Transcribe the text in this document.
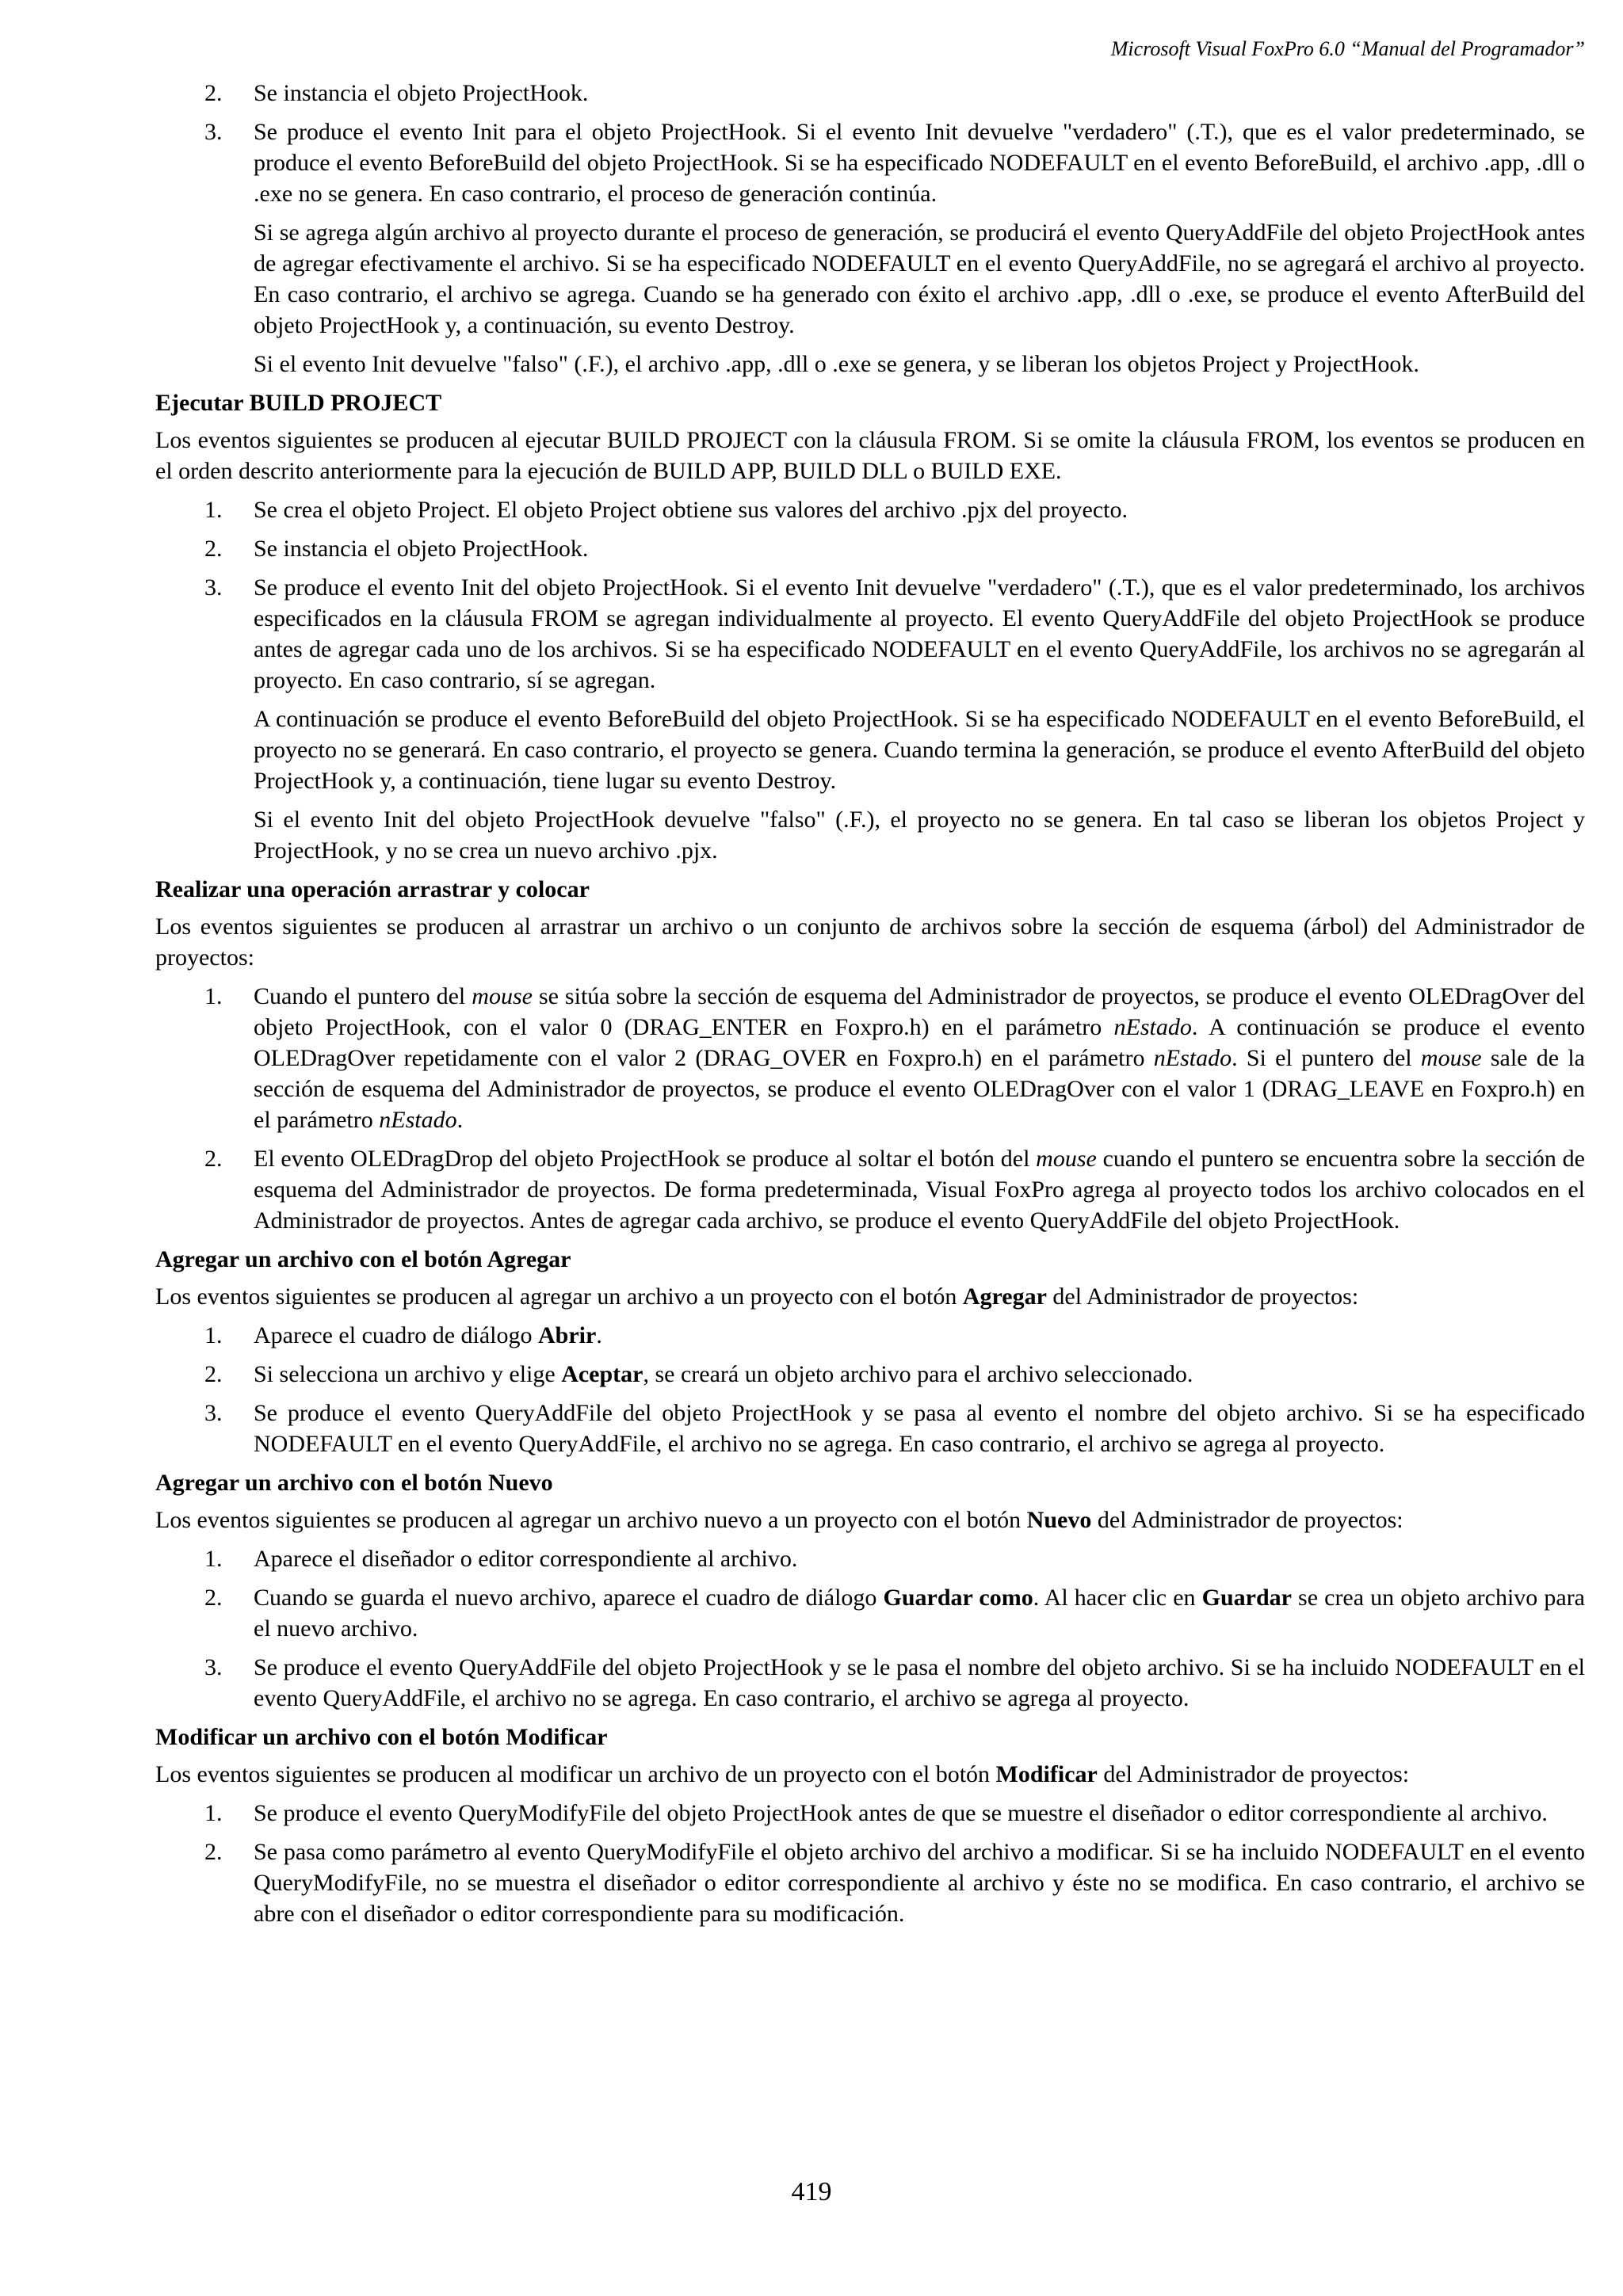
Microsoft Visual FoxPro 6.0 “Manual del Programador”
2. Se instancia el objeto ProjectHook.
3. Se produce el evento Init para el objeto ProjectHook. Si el evento Init devuelve "verdadero" (.T.), que es el valor predeterminado, se produce el evento BeforeBuild del objeto ProjectHook. Si se ha especificado NODEFAULT en el evento BeforeBuild, el archivo .app, .dll o .exe no se genera. En caso contrario, el proceso de generación continúa.

Si se agrega algún archivo al proyecto durante el proceso de generación, se producirá el evento QueryAddFile del objeto ProjectHook antes de agregar efectivamente el archivo. Si se ha especificado NODEFAULT en el evento QueryAddFile, no se agregará el archivo al proyecto. En caso contrario, el archivo se agrega. Cuando se ha generado con éxito el archivo .app, .dll o .exe, se produce el evento AfterBuild del objeto ProjectHook y, a continuación, su evento Destroy.

Si el evento Init devuelve "falso" (.F.), el archivo .app, .dll o .exe se genera, y se liberan los objetos Project y ProjectHook.

Ejecutar BUILD PROJECT

Los eventos siguientes se producen al ejecutar BUILD PROJECT con la cláusula FROM. Si se omite la cláusula FROM, los eventos se producen en el orden descrito anteriormente para la ejecución de BUILD APP, BUILD DLL o BUILD EXE.

1. Se crea el objeto Project. El objeto Project obtiene sus valores del archivo .pjx del proyecto.
2. Se instancia el objeto ProjectHook.
3. Se produce el evento Init del objeto ProjectHook. Si el evento Init devuelve "verdadero" (.T.), que es el valor predeterminado, los archivos especificados en la cláusula FROM se agregan individualmente al proyecto. El evento QueryAddFile del objeto ProjectHook se produce antes de agregar cada uno de los archivos. Si se ha especificado NODEFAULT en el evento QueryAddFile, los archivos no se agregarán al proyecto. En caso contrario, sí se agregan.

A continuación se produce el evento BeforeBuild del objeto ProjectHook. Si se ha especificado NODEFAULT en el evento BeforeBuild, el proyecto no se generará. En caso contrario, el proyecto se genera. Cuando termina la generación, se produce el evento AfterBuild del objeto ProjectHook y, a continuación, tiene lugar su evento Destroy.

Si el evento Init del objeto ProjectHook devuelve "falso" (.F.), el proyecto no se genera. En tal caso se liberan los objetos Project y ProjectHook, y no se crea un nuevo archivo .pjx.

Realizar una operación arrastrar y colocar

Los eventos siguientes se producen al arrastrar un archivo o un conjunto de archivos sobre la sección de esquema (árbol) del Administrador de proyectos:

1. Cuando el puntero del mouse se sitúa sobre la sección de esquema del Administrador de proyectos, se produce el evento OLEDragOver del objeto ProjectHook, con el valor 0 (DRAG_ENTER en Foxpro.h) en el parámetro nEstado. A continuación se produce el evento OLEDragOver repetidamente con el valor 2 (DRAG_OVER en Foxpro.h) en el parámetro nEstado. Si el puntero del mouse sale de la sección de esquema del Administrador de proyectos, se produce el evento OLEDragOver con el valor 1 (DRAG_LEAVE en Foxpro.h) en el parámetro nEstado.
2. El evento OLEDragDrop del objeto ProjectHook se produce al soltar el botón del mouse cuando el puntero se encuentra sobre la sección de esquema del Administrador de proyectos. De forma predeterminada, Visual FoxPro agrega al proyecto todos los archivo colocados en el Administrador de proyectos. Antes de agregar cada archivo, se produce el evento QueryAddFile del objeto ProjectHook.
Agregar un archivo con el botón Agregar

Los eventos siguientes se producen al agregar un archivo a un proyecto con el botón Agregar del Administrador de proyectos:

1. Aparece el cuadro de diálogo Abrir.
2. Si selecciona un archivo y elige Aceptar, se creará un objeto archivo para el archivo seleccionado.
3. Se produce el evento QueryAddFile del objeto ProjectHook y se pasa al evento el nombre del objeto archivo. Si se ha especificado NODEFAULT en el evento QueryAddFile, el archivo no se agrega. En caso contrario, el archivo se agrega al proyecto.
Agregar un archivo con el botón Nuevo

Los eventos siguientes se producen al agregar un archivo nuevo a un proyecto con el botón Nuevo del Administrador de proyectos:

1. Aparece el diseñador o editor correspondiente al archivo.
2. Cuando se guarda el nuevo archivo, aparece el cuadro de diálogo Guardar como. Al hacer clic en Guardar se crea un objeto archivo para el nuevo archivo.
3. Se produce el evento QueryAddFile del objeto ProjectHook y se le pasa el nombre del objeto archivo. Si se ha incluido NODEFAULT en el evento QueryAddFile, el archivo no se agrega. En caso contrario, el archivo se agrega al proyecto.
Modificar un archivo con el botón Modificar

Los eventos siguientes se producen al modificar un archivo de un proyecto con el botón Modificar del Administrador de proyectos:

1. Se produce el evento QueryModifyFile del objeto ProjectHook antes de que se muestre el diseñador o editor correspondiente al archivo.
2. Se pasa como parámetro al evento QueryModifyFile el objeto archivo del archivo a modificar. Si se ha incluido NODEFAULT en el evento QueryModifyFile, no se muestra el diseñador o editor correspondiente al archivo y éste no se modifica. En caso contrario, el archivo se abre con el diseñador o editor correspondiente para su modificación.
419
